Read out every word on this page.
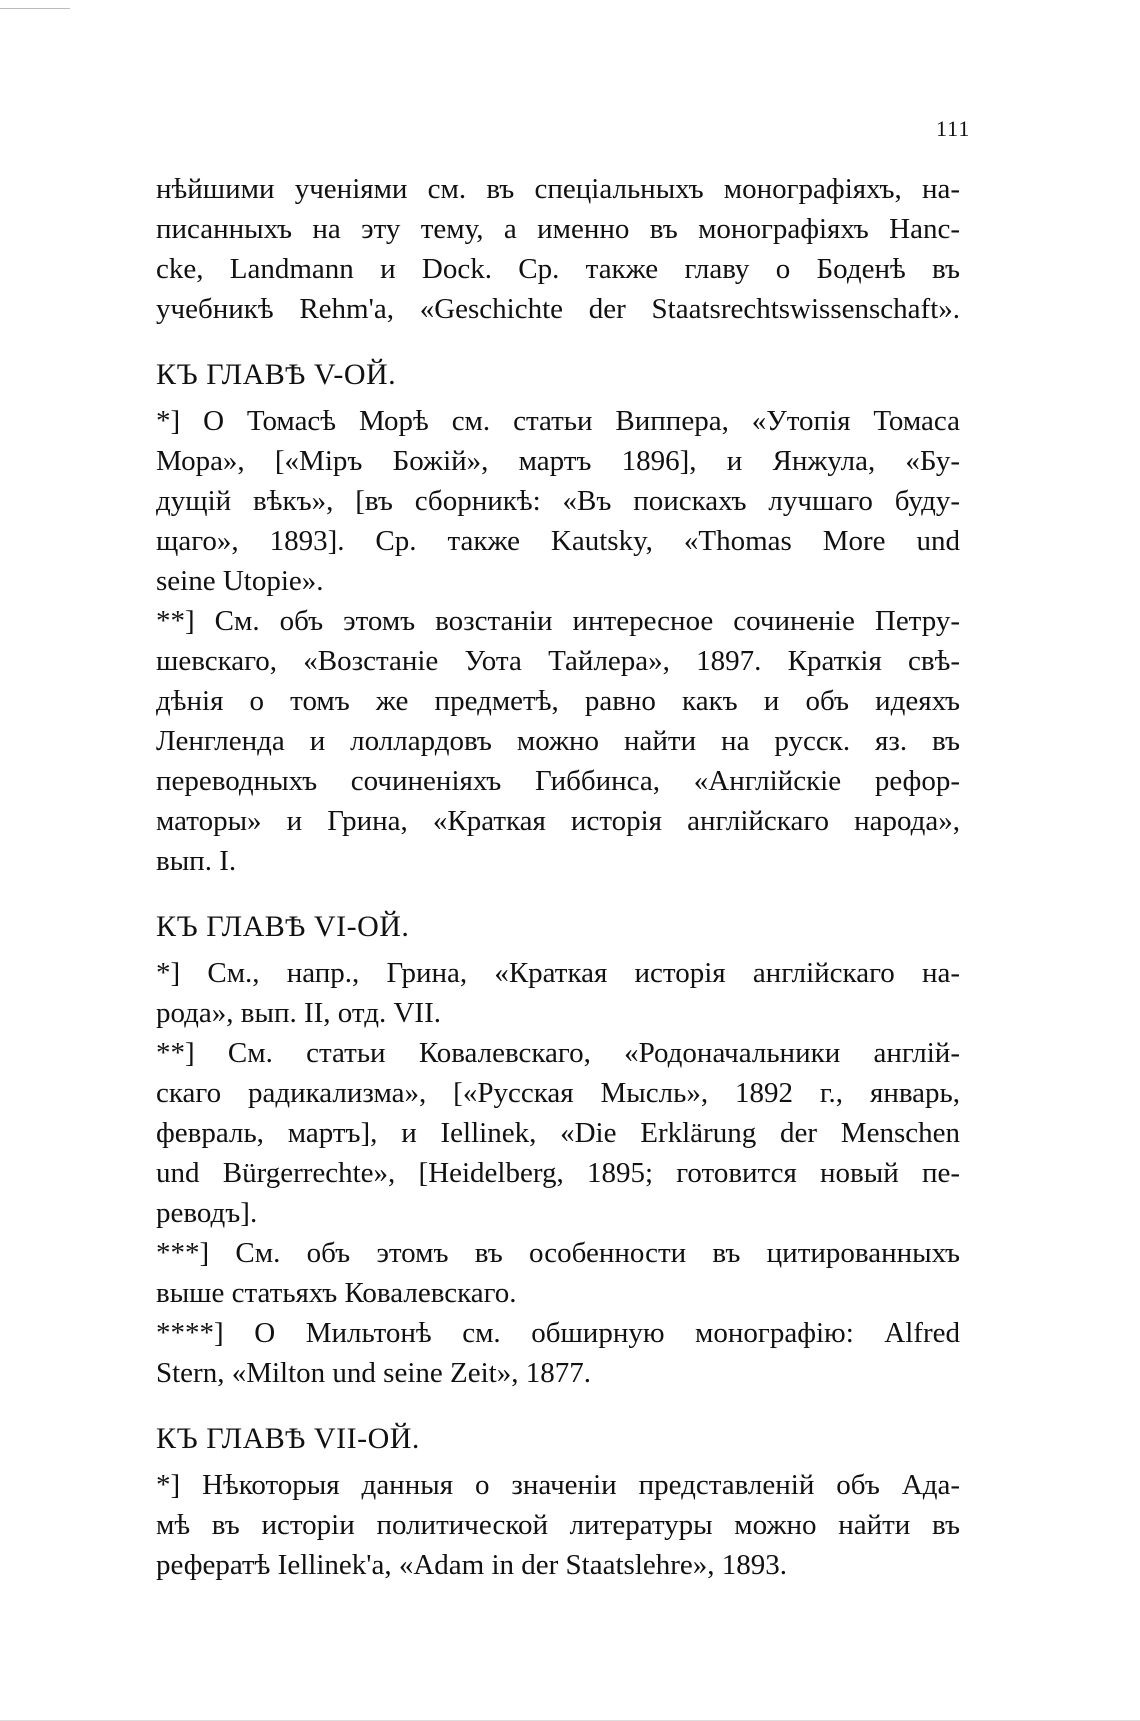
111
нѣйшими ученіями см. въ спеціальныхъ монографіяхъ, на-
писанныхъ на эту тему, а именно въ монографіяхъ Hanc-
cke, Landmann и Dock. Ср. также главу о Боденѣ въ
учебникѣ Rehm'a, «Geschichte der Staatsrechtswissenschaft».
КЪ ГЛАВѢ V-ОЙ.
*] О Томасѣ Морѣ см. статьи Виппера, «Утопія Томаса
Мора», [«Міръ Божій», мартъ 1896], и Янжула, «Бу-
дущій вѣкъ», [въ сборникѣ: «Въ поискахъ лучшаго буду-
щаго», 1893]. Ср. также Kautsky, «Thomas More und
seine Utopie».
**] См. объ этомъ возстаніи интересное сочиненіе Петру-
шевскаго, «Возстаніе Уота Тайлера», 1897. Краткія свѣ-
дѣнія о томъ же предметѣ, равно какъ и объ идеяхъ
Ленгленда и лоллардовъ можно найти на русск. яз. въ
переводныхъ сочиненіяхъ Гиббинса, «Англійскіе рефор-
маторы» и Грина, «Краткая исторія англійскаго народа»,
вып. I.
КЪ ГЛАВѢ VI-ОЙ.
*] См., напр., Грина, «Краткая исторія англійскаго на-
рода», вып. II, отд. VII.
**] См. статьи Ковалевскаго, «Родоначальники англій-
скаго радикализма», [«Русская Мысль», 1892 г., январь,
февраль, мартъ], и Iellinek, «Die Erklärung der Menschen
und Bürgerrechte», [Heidelberg, 1895; готовится новый пе-
реводъ].
***] См. объ этомъ въ особенности въ цитированныхъ
выше статьяхъ Ковалевскаго.
****] О Мильтонѣ см. обширную монографію: Alfred
Stern, «Milton und seine Zeit», 1877.
КЪ ГЛАВѢ VII-ОЙ.
*] Нѣкоторыя данныя о значеніи представленій объ Ада-
мѣ въ исторіи политической литературы можно найти въ
рефератѣ Iellinek'a, «Adam in der Staatslehre», 1893.
